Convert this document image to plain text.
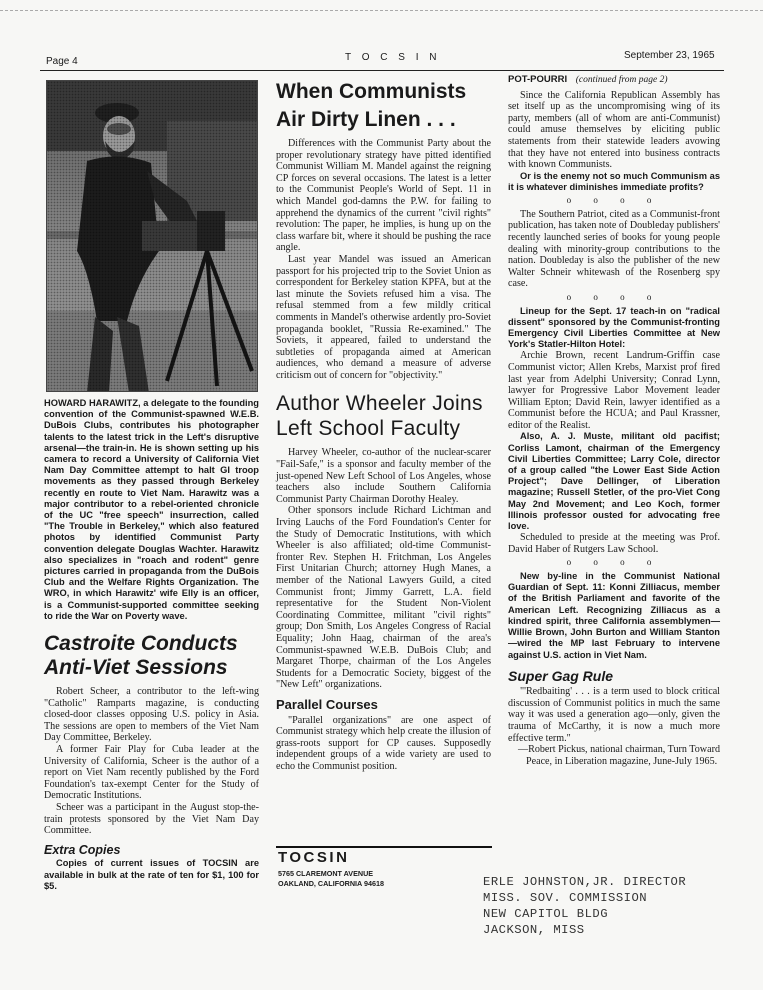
Page 4	T O C S I N	September 23, 1965
HOWARD HARAWITZ, a delegate to the founding convention of the Communist-spawned W.E.B. DuBois Clubs, contributes his photographer talents to the latest trick in the Left's disruptive arsenal—the train-in. He is shown setting up his camera to record a University of California Viet Nam Day Committee attempt to halt GI troop movements as they passed through Berkeley recently en route to Viet Nam. Harawitz was a major contributor to a rebel-oriented chronicle of the UC "free speech" insurrection, called "The Trouble in Berkeley," which also featured photos by identified Communist Party convention delegate Douglas Wachter. Harawitz also specializes in "roach and rodent" genre pictures carried in propaganda from the DuBois Club and the Welfare Rights Organization. The WRO, in which Harawitz' wife Elly is an officer, is a Communist-supported committee seeking to ride the War on Poverty wave.
Castroite Conducts Anti-Viet Sessions

Robert Scheer, a contributor to the left-wing "Catholic" Ramparts magazine, is conducting closed-door classes opposing U.S. policy in Asia. The sessions are open to members of the Viet Nam Day Committee, Berkeley.

A former Fair Play for Cuba leader at the University of California, Scheer is the author of a report on Viet Nam recently published by the Ford Foundation's tax-exempt Center for the Study of Democratic Institutions.

Scheer was a participant in the August stop-the-train protests sponsored by the Viet Nam Day Committee.

Extra Copies

Copies of current issues of TOCSIN are available in bulk at the rate of ten for $1, 100 for $5.

When Communists
Air Dirty Linen . . .

Differences with the Communist Party about the proper revolutionary strategy have pitted identified Communist William M. Mandel against the reigning CP forces on several occasions. The latest is a letter to the Communist People's World of Sept. 11 in which Mandel god-damns the P.W. for failing to apprehend the dynamics of the current "civil rights" revolution: The paper, he implies, is hung up on the class warfare bit, where it should be pushing the race angle.

Last year Mandel was issued an American passport for his projected trip to the Soviet Union as correspondent for Berkeley station KPFA, but at the last minute the Soviets refused him a visa. The refusal stemmed from a few mildly critical comments in Mandel's otherwise ardently pro-Soviet propaganda booklet, "Russia Re-examined." The Soviets, it appeared, failed to understand the subtleties of propaganda aimed at American audiences, who demand a measure of adverse criticism out of concern for "objectivity."

Author Wheeler Joins
Left School Faculty

Harvey Wheeler, co-author of the nuclear-scarer "Fail-Safe," is a sponsor and faculty member of the just-opened New Left School of Los Angeles, whose teachers also include Southern California Communist Party Chairman Dorothy Healey.

Other sponsors include Richard Lichtman and Irving Lauchs of the Ford Foundation's Center for the Study of Democratic Institutions, with which Wheeler is also affiliated; old-time Communist-fronter Rev. Stephen H. Fritchman, Los Angeles First Unitarian Church; attorney Hugh Manes, a member of the National Lawyers Guild, a cited Communist front; Jimmy Garrett, L.A. field representative for the Student Non-Violent Coordinating Committee, militant "civil rights" group; Don Smith, Los Angeles Congress of Racial Equality; John Haag, chairman of the area's Communist-spawned W.E.B. DuBois Club; and Margaret Thorpe, chairman of the Los Angeles Students for a Democratic Society, biggest of the "New Left" organizations.

Parallel Courses

"Parallel organizations" are one aspect of Communist strategy which help create the illusion of grass-roots support for CP causes. Supposedly independent groups of a wide variety are used to echo the Communist position.

POT-POURRI (continued from page 2)

Since the California Republican Assembly has set itself up as the uncompromising wing of its party, members (all of whom are anti-Communist) could amuse themselves by eliciting public statements from their statewide leaders avowing that they have not entered into business contracts with known Communists.

Or is the enemy not so much Communism as it is whatever diminishes immediate profits?

o o o o

The Southern Patriot, cited as a Communist-front publication, has taken note of Doubleday publishers' recently launched series of books for young people dealing with minority-group contributions to the nation. Doubleday is also the publisher of the new Walter Schneir whitewash of the Rosenberg spy case.

o o o o

Lineup for the Sept. 17 teach-in on "radical dissent" sponsored by the Communist-fronting Emergency Civil Liberties Committee at New York's Statler-Hilton Hotel:

Archie Brown, recent Landrum-Griffin case Communist victor; Allen Krebs, Marxist prof fired last year from Adelphi University; Conrad Lynn, lawyer for Progressive Labor Movement leader William Epton; David Rein, lawyer identified as a Communist before the HCUA; and Paul Krassner, editor of the Realist.

Also, A. J. Muste, militant old pacifist; Corliss Lamont, chairman of the Emergency Civil Liberties Committee; Larry Cole, director of a group called "the Lower East Side Action Project"; Dave Dellinger, of Liberation magazine; Russell Stetler, of the pro-Viet Cong May 2nd Movement; and Leo Koch, former Illinois professor ousted for advocating free love.

Scheduled to preside at the meeting was Prof. David Haber of Rutgers Law School.

o o o o

New by-line in the Communist National Guardian of Sept. 11: Konni Zilliacus, member of the British Parliament and favorite of the American Left. Recognizing Zilliacus as a kindred spirit, three California assemblymen—Willie Brown, John Burton and William Stanton—wired the MP last February to intervene against U.S. action in Viet Nam.

Super Gag Rule

"'Redbaiting' . . . is a term used to block critical discussion of Communist politics in much the same way it was used a generation ago—only, given the trauma of McCarthy, it is now a much more effective term."

—Robert Pickus, national chairman, Turn Toward Peace, in Liberation magazine, June-July 1965.

TOCSIN
5765 CLAREMONT AVENUE
OAKLAND, CALIFORNIA 94618	ERLE JOHNSTON,JR. DIRECTOR
MISS. SOV. COMMISSION
NEW CAPITOL BLDG
JACKSON, MISS
